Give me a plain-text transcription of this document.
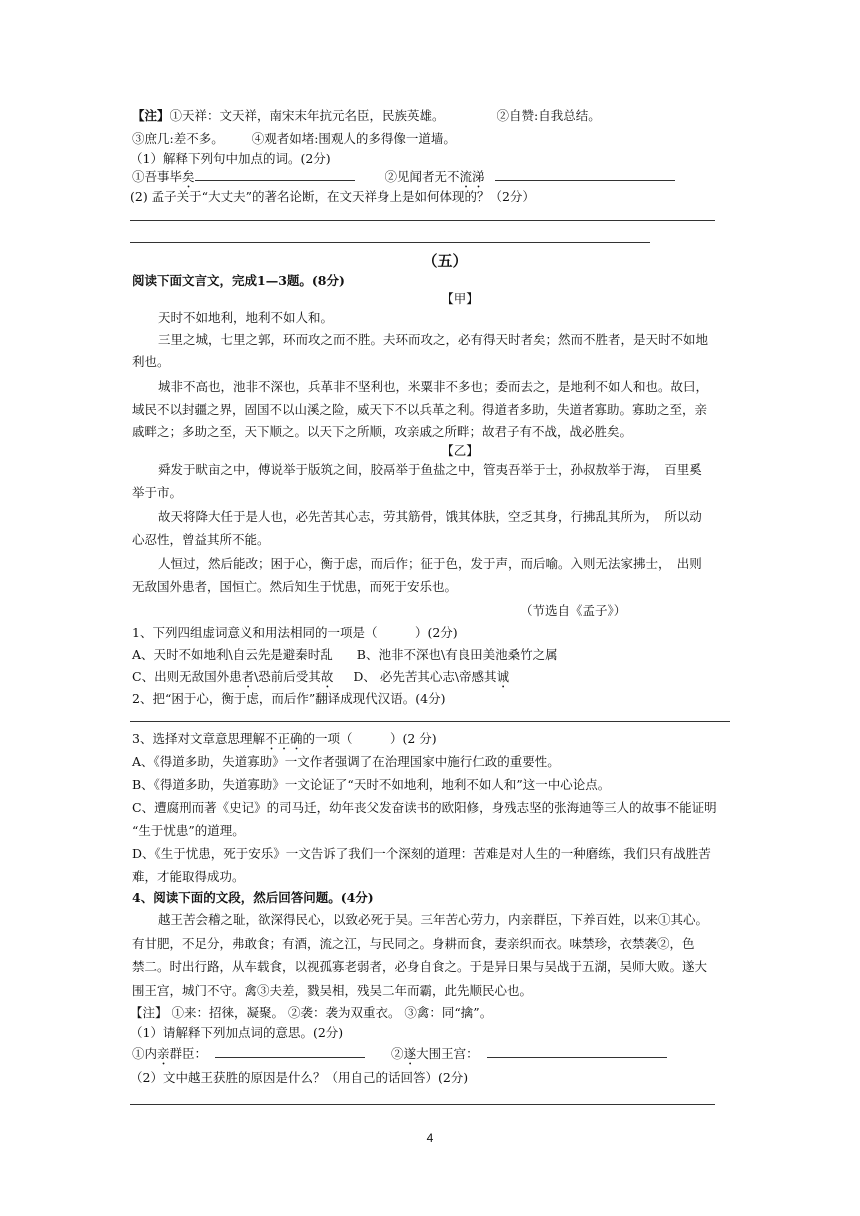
【注】①天祥：文天祥，南宋末年抗元名臣，民族英雄。	②自赞:自我总结。
③庶几:差不多。 ④观者如堵:围观人的多得像一道墙。
（1）解释下列句中加点的词。(2分)
①吾事毕矣	②见闻者无不流涕
(2) 孟子关于“大丈夫”的著名论断，在文天祥身上是如何体现的？（2分）
（五）
阅读下面文言文，完成1—3题。(8分)
【甲】
天时不如地利，地利不如人和。
三里之城，七里之郭，环而攻之而不胜。夫环而攻之，必有得天时者矣；然而不胜者，是天时不如地
利也。
城非不高也，池非不深也，兵革非不坚利也，米粟非不多也；委而去之，是地利不如人和也。故曰，
域民不以封疆之界，固国不以山溪之险，威天下不以兵革之利。得道者多助，失道者寡助。寡助之至，亲
戚畔之；多助之至，天下顺之。以天下之所顺，攻亲戚之所畔；故君子有不战，战必胜矣。
【乙】
舜发于畎亩之中，傅说举于版筑之间，胶鬲举于鱼盐之中，管夷吾举于士，孙叔敖举于海，　百里奚
举于市。
故天将降大任于是人也，必先苦其心志，劳其筋骨，饿其体肤，空乏其身，行拂乱其所为，　所以动
心忍性，曾益其所不能。
人恒过，然后能改；困于心，衡于虑，而后作；征于色，发于声，而后喻。入则无法家拂士，　出则
无敌国外患者，国恒亡。然后知生于忧患，而死于安乐也。
（节选自《孟子》）
1、下列四组虚词意义和用法相同的一项是（　　　）(2分)
A、天时不如地利\自云先是避秦时乱 B、池非不深也\有良田美池桑竹之属
C、出则无敌国外患者\恐前后受其故 D、 必先苦其心志\帝感其诚
2、把“困于心，衡于虑，而后作”翻译成现代汉语。(4分)
3、选择对文章意思理解不正确的一项（　　　）(2 分)
A、《得道多助，失道寡助》一文作者强调了在治理国家中施行仁政的重要性。
B、《得道多助，失道寡助》一文论证了“天时不如地利，地利不如人和”这一中心论点。
C、遭腐刑而著《史记》的司马迁，幼年丧父发奋读书的欧阳修，身残志坚的张海迪等三人的故事不能证明
“生于忧患”的道理。
D、《生于忧患，死于安乐》一文告诉了我们一个深刻的道理：苦难是对人生的一种磨练，我们只有战胜苦
难，才能取得成功。
4、阅读下面的文段，然后回答问题。(4分)
越王苦会稽之耻，欲深得民心，以致必死于吴。三年苦心劳力，内亲群臣，下养百姓，以来①其心。
有甘肥，不足分，弗敢食；有酒，流之江，与民同之。身耕而食，妻亲织而衣。味禁珍，衣禁袭②，色
禁二。时出行路，从车载食，以视孤寡老弱者，必身自食之。于是异日果与吴战于五湖，吴师大败。遂大
围王宫，城门不守。禽③夫差，戮吴相，残吴二年而霸，此先顺民心也。
【注】 ①来：招徕，凝聚。 ②袭：袭为双重衣。 ③禽：同“擒”。
（1）请解释下列加点词的意思。(2分)
①内亲群臣：	②遂大围王宫：
（2）文中越王获胜的原因是什么？（用自己的话回答）(2分)
4
